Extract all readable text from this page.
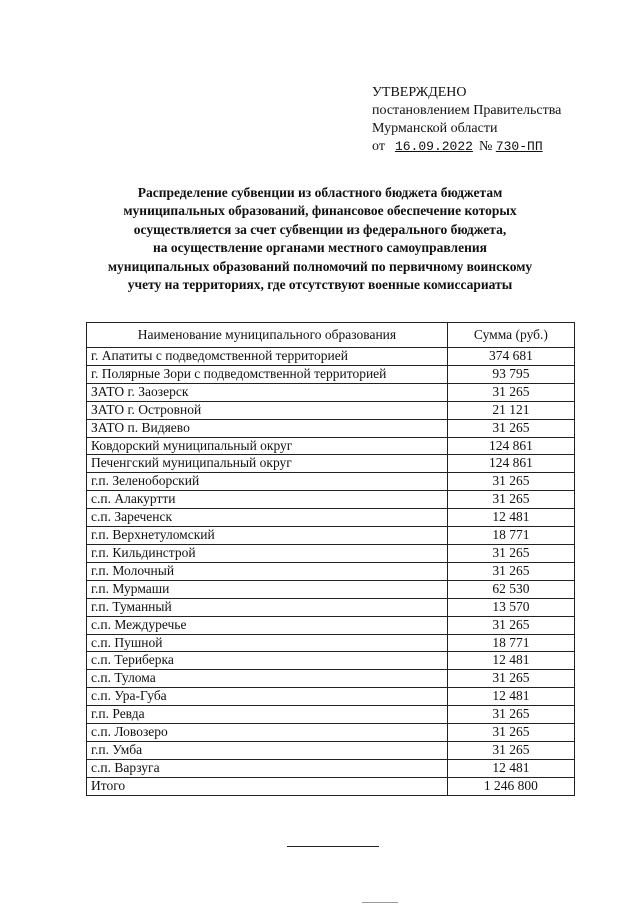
УТВЕРЖДЕНО
постановлением Правительства
Мурманской области
от 16.09.2022 № 730-ПП
Распределение субвенции из областного бюджета бюджетам
муниципальных образований, финансовое обеспечение которых
осуществляется за счет субвенции из федерального бюджета,
на осуществление органами местного самоуправления
муниципальных образований полномочий по первичному воинскому
учету на территориях, где отсутствуют военные комиссариаты
Наименование муниципального образования	Сумма (руб.)
г. Апатиты с подведомственной территорией	374 681
г. Полярные Зори с подведомственной территорией	93 795
ЗАТО г. Заозерск	31 265
ЗАТО г. Островной	21 121
ЗАТО п. Видяево	31 265
Ковдорский муниципальный округ	124 861
Печенгский муниципальный округ	124 861
г.п. Зеленоборский	31 265
с.п. Алакуртти	31 265
с.п. Зареченск	12 481
г.п. Верхнетуломский	18 771
г.п. Кильдинстрой	31 265
г.п. Молочный	31 265
г.п. Мурмаши	62 530
г.п. Туманный	13 570
с.п. Междуречье	31 265
с.п. Пушной	18 771
с.п. Териберка	12 481
с.п. Тулома	31 265
с.п. Ура-Губа	12 481
г.п. Ревда	31 265
с.п. Ловозеро	31 265
г.п. Умба	31 265
с.п. Варзуга	12 481
Итого	1 246 800
